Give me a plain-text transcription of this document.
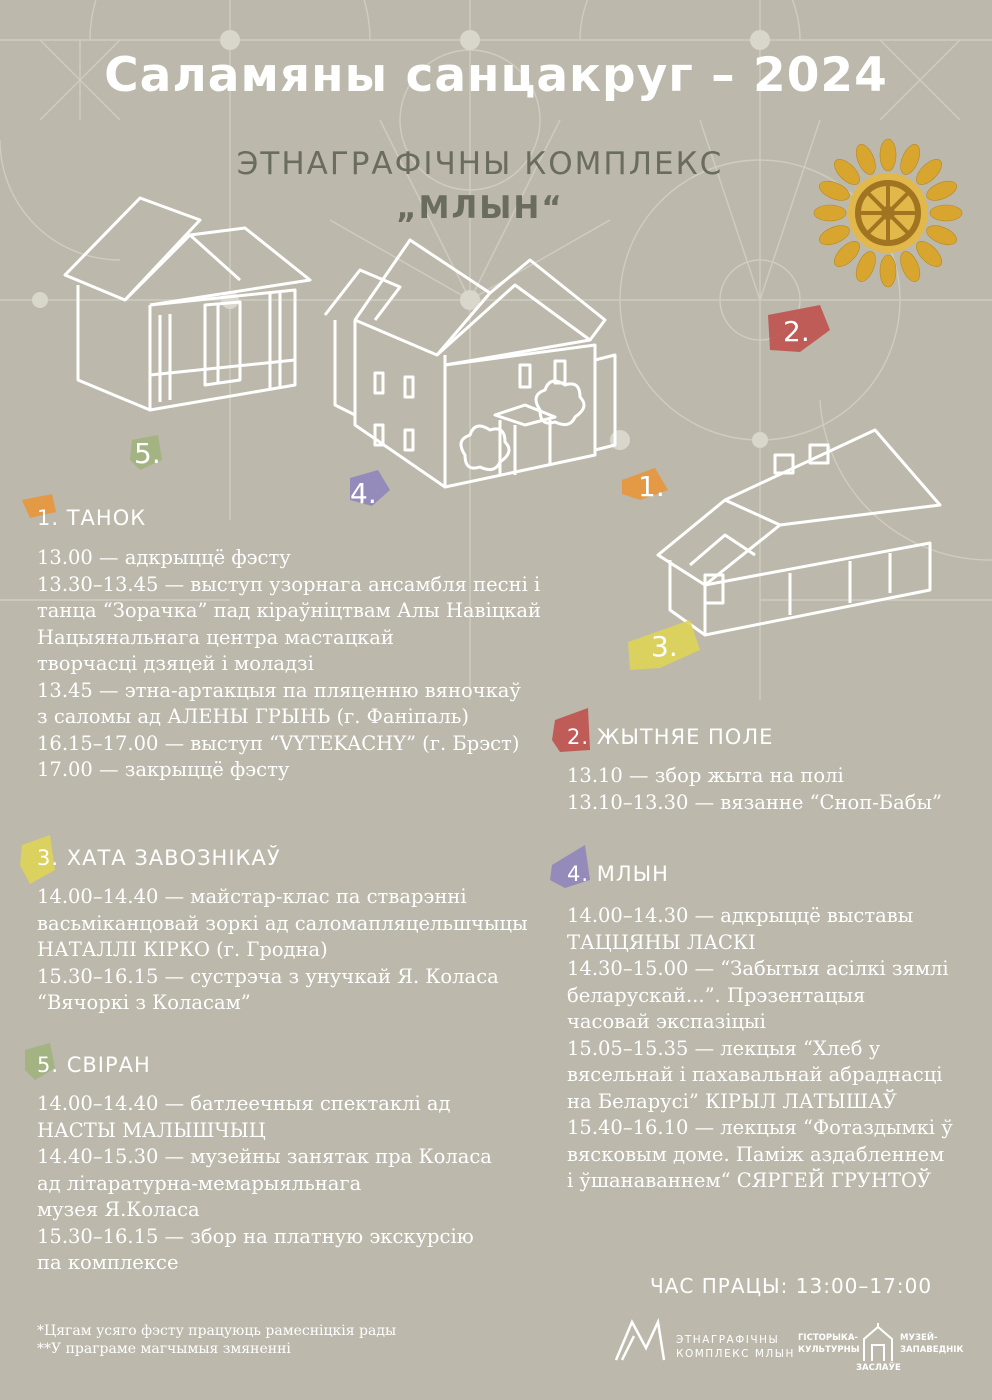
Саламяны санцакруг – 2024
ЭТНАГРАФІЧНЫ КОМПЛЕКС
„МЛЫН“
2.
1.
4.
5.
3.
1. ТАНОК
13.00 — адкрыццё фэсту
13.30–13.45 — выступ узорнага ансамбля песні і
танца “Зорачка” пад кіраўніцтвам Алы Навіцкай
Нацыянальнага центра мастацкай
творчасці дзяцей і моладзі
13.45 — этна-артакцыя па пляценню вяночкаў
з саломы ад АЛЕНЫ ГРЫНЬ (г. Фаніпаль)
16.15–17.00 — выступ “VYTEKACHY” (г. Брэст)
17.00 — закрыццё фэсту
3. ХАТА ЗАВОЗНІКАЎ
14.00–14.40 — майстар-клас па стварэнні
васьміканцовай зоркі ад саломапляцельшчыцы
НАТАЛЛІ КІРКО (г. Гродна)
15.30–16.15 — сустрэча з унучкай Я. Коласа
“Вячоркі з Коласам”
5. СВІРАН
14.00–14.40 — батлеечныя спектаклі ад
НАСТЫ МАЛЫШЧЫЦ
14.40–15.30 — музейны занятак пра Коласа
ад літаратурна-мемарыяльнага
музея Я.Коласа
15.30–16.15 — збор на платную экскурсію
па комплексе
2. ЖЫТНЯЕ ПОЛЕ
13.10 — збор жыта на полі
13.10–13.30 — вязанне “Сноп-Бабы”
4. МЛЫН
14.00–14.30 — адкрыццё выставы
ТАЦЦЯНЫ ЛАСКІ
14.30–15.00 — “Забытыя асілкі зямлі
беларускай...”. Прэзентацыя
часовай экспазіцыі
15.05–15.35 — лекцыя “Хлеб у
вясельнай і пахавальнай абраднасці
на Беларусі” КІРЫЛ ЛАТЫШАЎ
15.40–16.10 — лекцыя “Фотаздымкі ў
вясковым доме. Паміж аздабленнем
і ўшанаваннем“ СЯРГЕЙ ГРУНТОЎ
ЧАС ПРАЦЫ: 13:00–17:00
*Цягам усяго фэсту працуюць рамесніцкія рады
**У праграме магчымыя змяненні
ЭТНАГРАФІЧНЫ
КОМПЛЕКС МЛЫН
ГІСТОРЫКА-
КУЛЬТУРНЫ
МУЗЕЙ-
ЗАПАВЕДНІК
ЗАСЛАЎЕ
